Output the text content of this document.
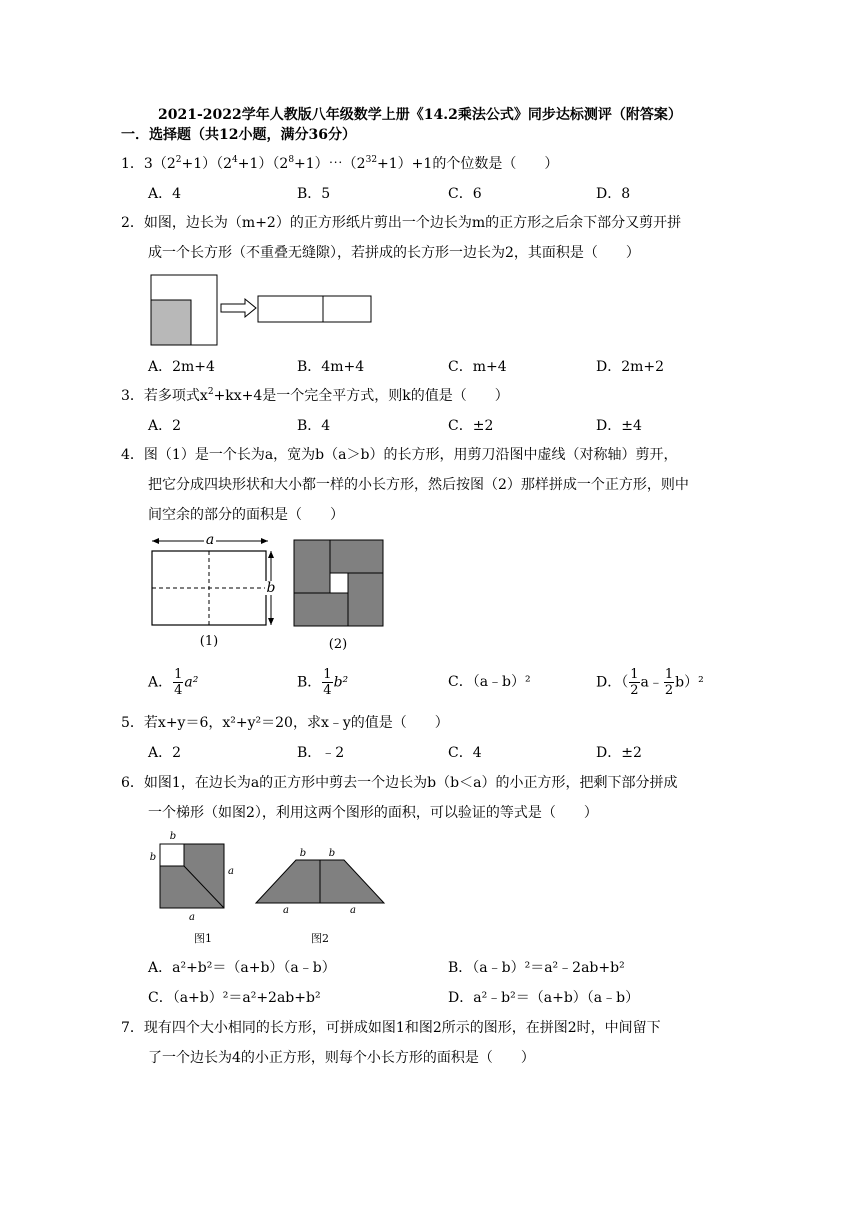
2021-2022学年人教版八年级数学上册《14.2乘法公式》同步达标测评（附答案）
一．选择题（共12小题，满分36分）
1．$3(2^2+1)(2^4+1)(2^8+1)\cdots(2^{32}+1)+1$的个位数是（　　）
A．4	B．5	C．6	D．8
2．如图，边长为（m+2）的正方形纸片剪出一个边长为m的正方形之后余下部分又剪开拼
成一个长方形（不重叠无缝隙），若拼成的长方形一边长为2，其面积是（　　）
A．2m+4	B．4m+4	C．m+4	D．2m+2
3．若多项式$x^2+kx+4$是一个完全平方式，则k的值是（　　）
A．2	B．4	C．±2	D．±4
4．图（1）是一个长为a，宽为b（a＞b）的长方形，用剪刀沿图中虚线（对称轴）剪开，
把它分成四块形状和大小都一样的小长方形，然后按图（2）那样拼成一个正方形，则中
间空余的部分的面积是（　　）
a
b
(1)	(2)
A． $\frac{1}{4} a^2$	B． $\frac{1}{4} b^2$	C．（a﹣b）²	D．（ $\frac{1}{2}$ a﹣ $\frac{1}{2} b)^2$
5．若x+y＝6，x²+y²＝20，求x﹣y的值是（　　）
A．2	B．﹣2	C．4	D．±2
6．如图1，在边长为a的正方形中剪去一个边长为b（b＜a）的小正方形，把剩下部分拼成
一个梯形（如图2），利用这两个图形的面积，可以验证的等式是（　　）
b
b
a
a
图1
b b
a	a
图2
A．a²+b²＝（a+b）（a﹣b）	B．（a﹣b）²＝a²﹣2ab+b²
C．（a+b）²＝a²+2ab+b²	D．a²﹣b²＝（a+b）（a﹣b）
7．现有四个大小相同的长方形，可拼成如图1和图2所示的图形，在拼图2时，中间留下
了一个边长为4的小正方形，则每个小长方形的面积是（　　）
